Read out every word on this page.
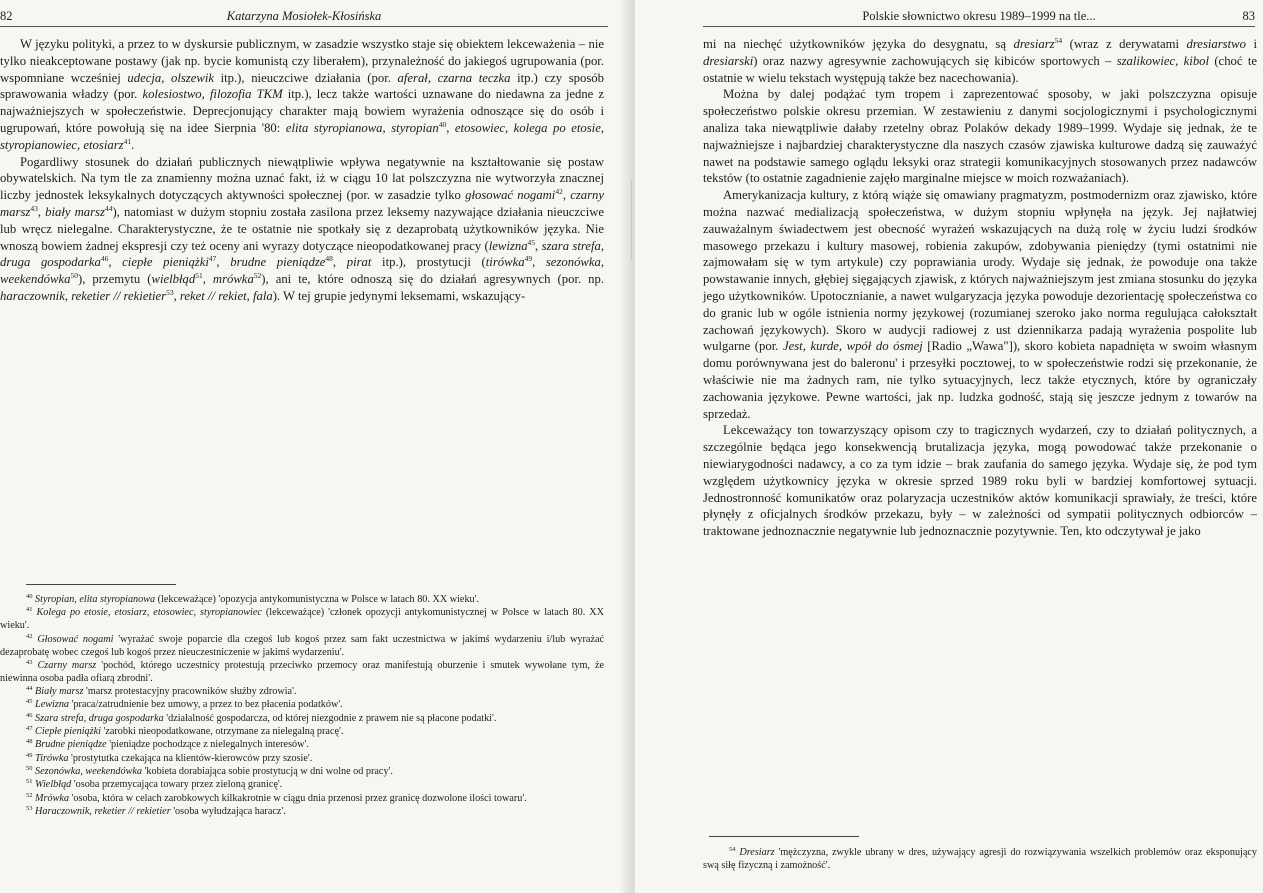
82	Katarzyna Mosiołek-Kłosińska

W języku polityki, a przez to w dyskursie publicznym, w zasadzie wszystko staje się obiektem lekceważenia – nie tylko nieakceptowane postawy (jak np. bycie komunistą czy liberałem), przynależność do jakiegoś ugrupowania (por. wspomniane wcześniej udecja, olszewik itp.), nieuczciwe działania (por. aferał, czarna teczka itp.) czy sposób sprawowania władzy (por. kolesiostwo, filozofia TKM itp.), lecz także wartości uznawane do niedawna za jedne z najważniejszych w społeczeństwie. Deprecjonujący charakter mają bowiem wyrażenia odnoszące się do osób i ugrupowań, które powołują się na idee Sierpnia '80: elita styropianowa, styropian$^{40}$, etosowiec, kolega po etosie, styropianowiec, etosiarz$^{41}$.

Pogardliwy stosunek do działań publicznych niewątpliwie wpływa negatywnie na kształtowanie się postaw obywatelskich. Na tym tle za znamienny można uznać fakt, iż w ciągu 10 lat polszczyzna nie wytworzyła znacznej liczby jednostek leksykalnych dotyczących aktywności społecznej (por. w zasadzie tylko głosować nogami$^{42}$, czarny marsz$^{43}$, biały marsz$^{44}$), natomiast w dużym stopniu została zasilona przez leksemy nazywające działania nieuczciwe lub wręcz nielegalne. Charakterystyczne, że te ostatnie nie spotkały się z dezaprobatą użytkowników języka. Nie wnoszą bowiem żadnej ekspresji czy też oceny ani wyrazy dotyczące nieopodatkowanej pracy (lewizna$^{45}$, szara strefa, druga gospodarka$^{46}$, ciepłe pieniążki$^{47}$, brudne pieniądze$^{48}$, pirat itp.), prostytucji (tirówka$^{49}$, sezonówka, weekendówka$^{50}$), przemytu (wielbłąd$^{51}$, mrówka$^{52}$), ani te, które odnoszą się do działań agresywnych (por. np. haraczownik, reketier // rekietier$^{53}$, reket // rekiet, fala). W tej grupie jedynymi leksemami, wskazujący-

$^{40}$ Styropian, elita styropianowa (lekceważące) 'opozycja antykomunistyczna w Polsce w latach 80. XX wieku'.

$^{41}$ Kolega po etosie, etosiarz, etosowiec, styropianowiec (lekceważące) 'członek opozycji antykomunistycznej w Polsce w latach 80. XX wieku'.

$^{42}$ Głosować nogami 'wyrażać swoje poparcie dla czegoś lub kogoś przez sam fakt uczestnictwa w jakimś wydarzeniu i/lub wyrażać dezaprobatę wobec czegoś lub kogoś przez nieuczestniczenie w jakimś wydarzeniu'.

$^{43}$ Czarny marsz 'pochód, którego uczestnicy protestują przeciwko przemocy oraz manifestują oburzenie i smutek wywołane tym, że niewinna osoba padła ofiarą zbrodni'.

$^{44}$ Biały marsz 'marsz protestacyjny pracowników służby zdrowia'.

$^{45}$ Lewizna 'praca/zatrudnienie bez umowy, a przez to bez płacenia podatków'.

$^{46}$ Szara strefa, druga gospodarka 'działalność gospodarcza, od której niezgodnie z prawem nie są płacone podatki'.

$^{47}$ Ciepłe pieniążki 'zarobki nieopodatkowane, otrzymane za nielegalną pracę'.

$^{48}$ Brudne pieniądze 'pieniądze pochodzące z nielegalnych interesów'.

$^{49}$ Tirówka 'prostytutka czekająca na klientów-kierowców przy szosie'.

$^{50}$ Sezonówka, weekendówka 'kobieta dorabiająca sobie prostytucją w dni wolne od pracy'.

$^{51}$ Wielbłąd 'osoba przemycająca towary przez zieloną granicę'.

$^{52}$ Mrówka 'osoba, która w celach zarobkowych kilkakrotnie w ciągu dnia przenosi przez granicę dozwolone ilości towaru'.

$^{53}$ Haraczownik, reketier // rekietier 'osoba wyłudzająca haracz'.

Polskie słownictwo okresu 1989–1999 na tle...	83

mi na niechęć użytkowników języka do desygnatu, są dresiarz$^{54}$ (wraz z derywatami dresiarstwo i dresiarski) oraz nazwy agresywnie zachowujących się kibiców sportowych – szalikowiec, kibol (choć te ostatnie w wielu tekstach występują także bez nacechowania).

Można by dalej podążać tym tropem i zaprezentować sposoby, w jaki polszczyzna opisuje społeczeństwo polskie okresu przemian. W zestawieniu z danymi socjologicznymi i psychologicznymi analiza taka niewątpliwie dałaby rzetelny obraz Polaków dekady 1989–1999. Wydaje się jednak, że te najważniejsze i najbardziej charakterystyczne dla naszych czasów zjawiska kulturowe dadzą się zauważyć nawet na podstawie samego oglądu leksyki oraz strategii komunikacyjnych stosowanych przez nadawców tekstów (to ostatnie zagadnienie zajęło marginalne miejsce w moich rozważaniach).

Amerykanizacja kultury, z którą wiąże się omawiany pragmatyzm, postmodernizm oraz zjawisko, które można nazwać medializacją społeczeństwa, w dużym stopniu wpłynęła na język. Jej najłatwiej zauważalnym świadectwem jest obecność wyrażeń wskazujących na dużą rolę w życiu ludzi środków masowego przekazu i kultury masowej, robienia zakupów, zdobywania pieniędzy (tymi ostatnimi nie zajmowałam się w tym artykule) czy poprawiania urody. Wydaje się jednak, że powoduje ona także powstawanie innych, głębiej sięgających zjawisk, z których najważniejszym jest zmiana stosunku do języka jego użytkowników. Upotocznianie, a nawet wulgaryzacja języka powoduje dezorientację społeczeństwa co do granic lub w ogóle istnienia normy językowej (rozumianej szeroko jako norma regulująca całokształt zachowań językowych). Skoro w audycji radiowej z ust dziennikarza padają wyrażenia pospolite lub wulgarne (por. Jest, kurde, wpół do ósmej [Radio „Wawa"]), skoro kobieta napadnięta w swoim własnym domu porównywana jest do baleronu' i przesyłki pocztowej, to w społeczeństwie rodzi się przekonanie, że właściwie nie ma żadnych ram, nie tylko sytuacyjnych, lecz także etycznych, które by ograniczały zachowania językowe. Pewne wartości, jak np. ludzka godność, stają się jeszcze jednym z towarów na sprzedaż.

Lekceważący ton towarzyszący opisom czy to tragicznych wydarzeń, czy to działań politycznych, a szczególnie będąca jego konsekwencją brutalizacja języka, mogą powodować także przekonanie o niewiarygodności nadawcy, a co za tym idzie – brak zaufania do samego języka. Wydaje się, że pod tym względem użytkownicy języka w okresie sprzed 1989 roku byli w bardziej komfortowej sytuacji. Jednostronność komunikatów oraz polaryzacja uczestników aktów komunikacji sprawiały, że treści, które płynęły z oficjalnych środków przekazu, były – w zależności od sympatii politycznych odbiorców – traktowane jednoznacznie negatywnie lub jednoznacznie pozytywnie. Ten, kto odczytywał je jako

$^{54}$ Dresiarz 'mężczyzna, zwykle ubrany w dres, używający agresji do rozwiązywania wszelkich problemów oraz eksponujący swą siłę fizyczną i zamożność'.
